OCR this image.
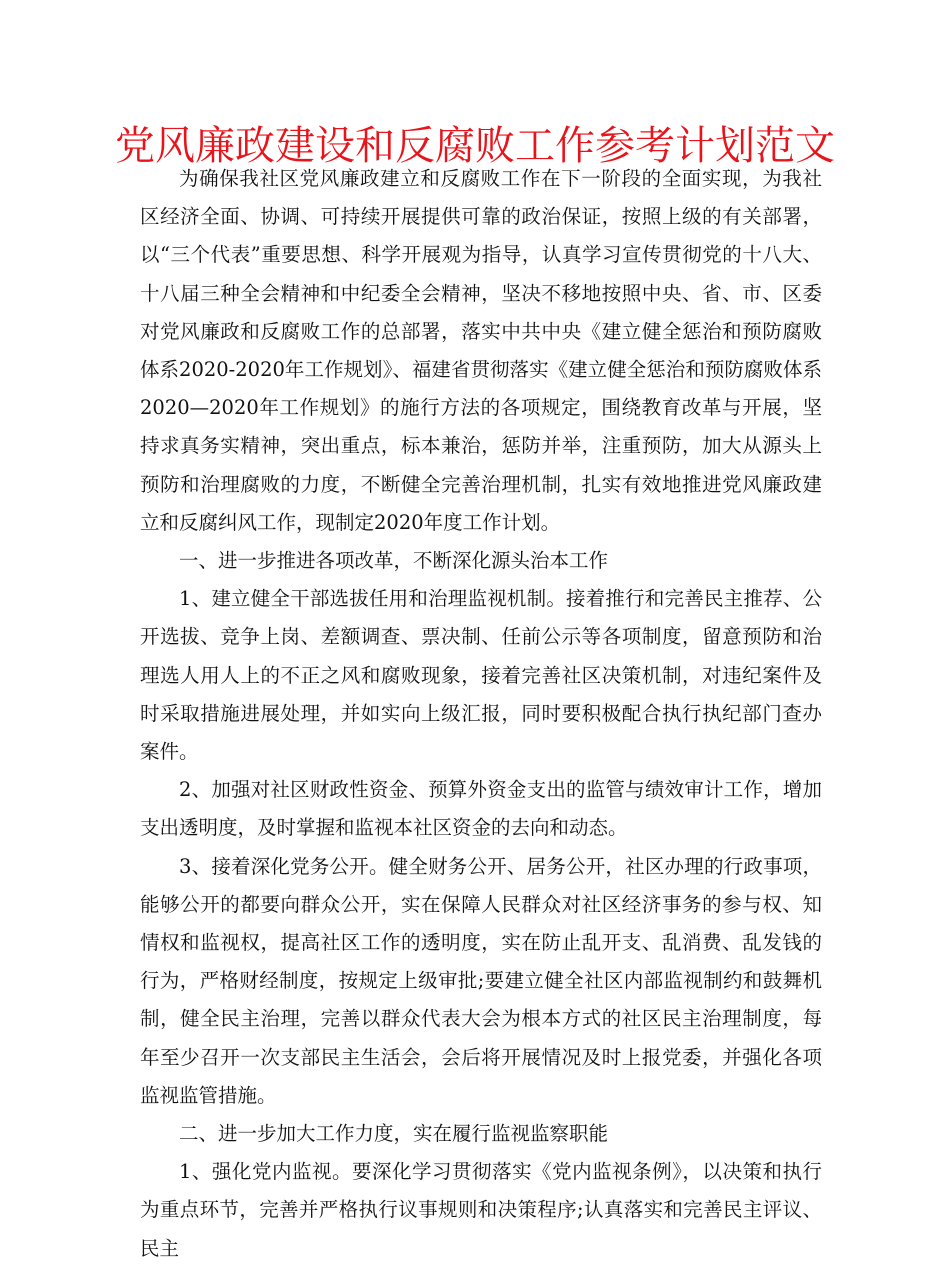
党风廉政建设和反腐败工作参考计划范文

为确保我社区党风廉政建立和反腐败工作在下一阶段的全面实现，为我社区经济全面、协调、可持续开展提供可靠的政治保证，按照上级的有关部署，以“三个代表”重要思想、科学开展观为指导，认真学习宣传贯彻党的十八大、十八届三种全会精神和中纪委全会精神，坚决不移地按照中央、省、市、区委对党风廉政和反腐败工作的总部署，落实中共中央《建立健全惩治和预防腐败体系2020-2020年工作规划》、福建省贯彻落实《建立健全惩治和预防腐败体系2020—2020年工作规划》的施行方法的各项规定，围绕教育改革与开展，坚持求真务实精神，突出重点，标本兼治，惩防并举，注重预防，加大从源头上预防和治理腐败的力度，不断健全完善治理机制，扎实有效地推进党风廉政建立和反腐纠风工作，现制定2020年度工作计划。

一、进一步推进各项改革，不断深化源头治本工作

1、建立健全干部选拔任用和治理监视机制。接着推行和完善民主推荐、公开选拔、竞争上岗、差额调查、票决制、任前公示等各项制度，留意预防和治理选人用人上的不正之风和腐败现象，接着完善社区决策机制，对违纪案件及时采取措施进展处理，并如实向上级汇报，同时要积极配合执行执纪部门查办案件。

2、加强对社区财政性资金、预算外资金支出的监管与绩效审计工作，增加支出透明度，及时掌握和监视本社区资金的去向和动态。

3、接着深化党务公开。健全财务公开、居务公开，社区办理的行政事项，能够公开的都要向群众公开，实在保障人民群众对社区经济事务的参与权、知情权和监视权，提高社区工作的透明度，实在防止乱开支、乱消费、乱发钱的行为，严格财经制度，按规定上级审批;要建立健全社区内部监视制约和鼓舞机制，健全民主治理，完善以群众代表大会为根本方式的社区民主治理制度，每年至少召开一次支部民主生活会，会后将开展情况及时上报党委，并强化各项监视监管措施。

二、进一步加大工作力度，实在履行监视监察职能

1、强化党内监视。要深化学习贯彻落实《党内监视条例》，以决策和执行为重点环节，完善并严格执行议事规则和决策程序;认真落实和完善民主评议、民主
